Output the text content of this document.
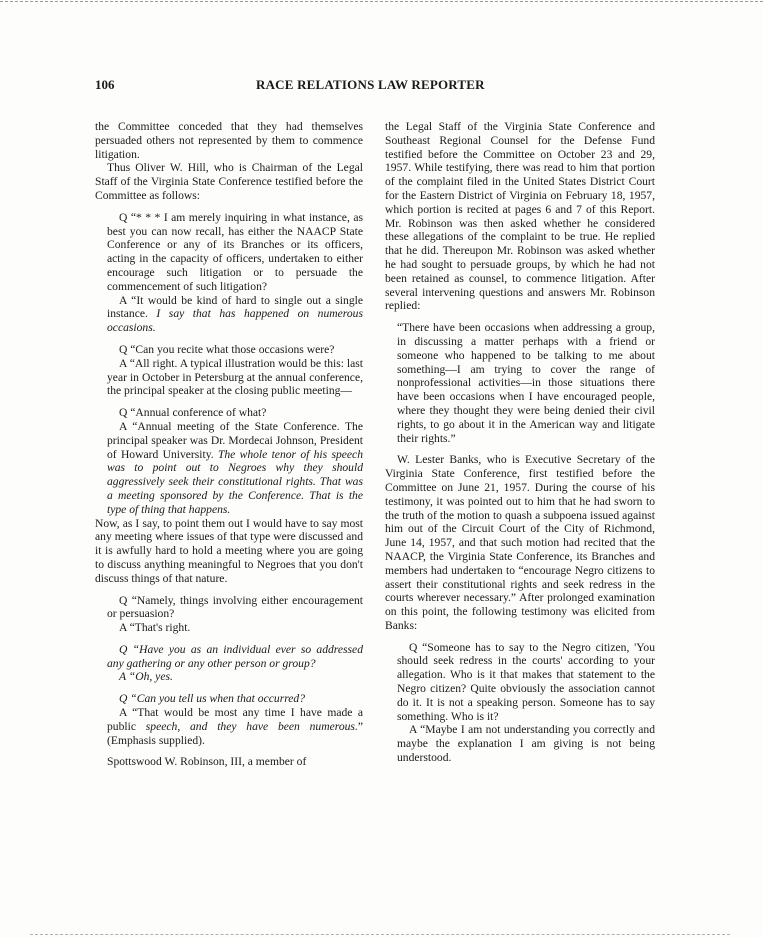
106	RACE RELATIONS LAW REPORTER

the Committee conceded that they had themselves persuaded others not represented by them to commence litigation.

Thus Oliver W. Hill, who is Chairman of the Legal Staff of the Virginia State Conference testified before the Committee as follows:

Q “* * * I am merely inquiring in what instance, as best you can now recall, has either the NAACP State Conference or any of its Branches or its officers, acting in the capacity of officers, undertaken to either encourage such litigation or to persuade the commencement of such litigation?

A “It would be kind of hard to single out a single instance. I say that has happened on numerous occasions.

Q “Can you recite what those occasions were?

A “All right. A typical illustration would be this: last year in October in Petersburg at the annual conference, the principal speaker at the closing public meeting—

Q “Annual conference of what?

A “Annual meeting of the State Conference. The principal speaker was Dr. Mordecai Johnson, President of Howard University. The whole tenor of his speech was to point out to Negroes why they should aggressively seek their constitutional rights. That was a meeting sponsored by the Conference. That is the type of thing that happens.

Now, as I say, to point them out I would have to say most any meeting where issues of that type were discussed and it is awfully hard to hold a meeting where you are going to discuss anything meaningful to Negroes that you don't discuss things of that nature.

Q “Namely, things involving either encouragement or persuasion?

A “That's right.

Q “Have you as an individual ever so addressed any gathering or any other person or group?

A “Oh, yes.

Q “Can you tell us when that occurred?

A “That would be most any time I have made a public speech, and they have been numerous.” (Emphasis supplied).

Spottswood W. Robinson, III, a member of

the Legal Staff of the Virginia State Conference and Southeast Regional Counsel for the Defense Fund testified before the Committee on October 23 and 29, 1957. While testifying, there was read to him that portion of the complaint filed in the United States District Court for the Eastern District of Virginia on February 18, 1957, which portion is recited at pages 6 and 7 of this Report. Mr. Robinson was then asked whether he considered these allegations of the complaint to be true. He replied that he did. Thereupon Mr. Robinson was asked whether he had sought to persuade groups, by which he had not been retained as counsel, to commence litigation. After several intervening questions and answers Mr. Robinson replied:

“There have been occasions when addressing a group, in discussing a matter perhaps with a friend or someone who happened to be talking to me about something—I am trying to cover the range of nonprofessional activities—in those situations there have been occasions when I have encouraged people, where they thought they were being denied their civil rights, to go about it in the American way and litigate their rights.”

W. Lester Banks, who is Executive Secretary of the Virginia State Conference, first testified before the Committee on June 21, 1957. During the course of his testimony, it was pointed out to him that he had sworn to the truth of the motion to quash a subpoena issued against him out of the Circuit Court of the City of Richmond, June 14, 1957, and that such motion had recited that the NAACP, the Virginia State Conference, its Branches and members had undertaken to “encourage Negro citizens to assert their constitutional rights and seek redress in the courts wherever necessary.” After prolonged examination on this point, the following testimony was elicited from Banks:

Q “Someone has to say to the Negro citizen, 'You should seek redress in the courts' according to your allegation. Who is it that makes that statement to the Negro citizen? Quite obviously the association cannot do it. It is not a speaking person. Someone has to say something. Who is it?

A “Maybe I am not understanding you correctly and maybe the explanation I am giving is not being understood.
